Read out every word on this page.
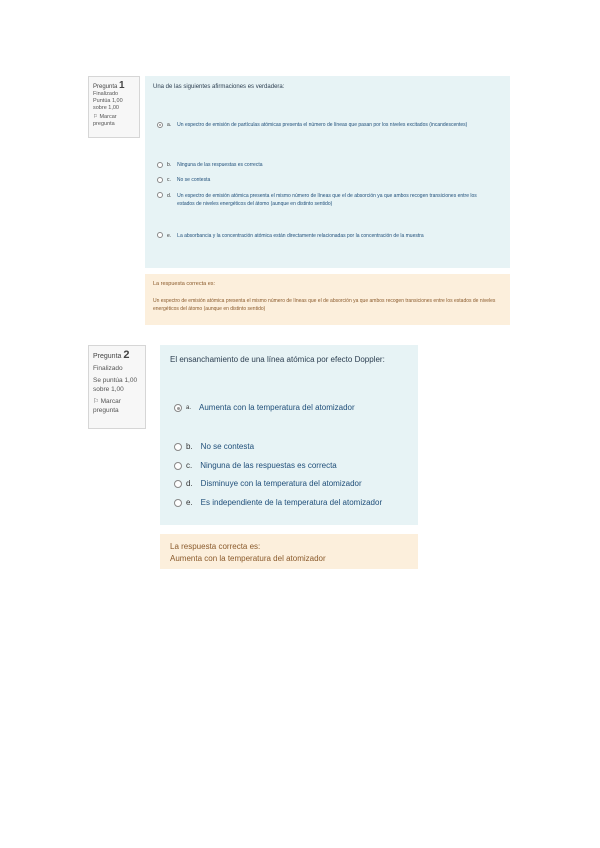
Pregunta 1
Finalizado
Puntúa 1,00 sobre 1,00
⚐ Marcar pregunta
Una de las siguientes afirmaciones es verdadera:
a. Un espectro de emisión de partículas atómicas presenta el número de líneas que pasan por los niveles excitados (incandescentes)
b. Ninguna de las respuestas es correcta
c. No se contesta
d. Un espectro de emisión atómica presenta el mismo número de líneas que el de absorción ya que ambos recogen transiciones entre los estados de niveles energéticos del átomo (aunque en distinto sentido)
e. La absorbancia y la concentración atómica están directamente relacionadas por la concentración de la muestra
La respuesta correcta es:
Un espectro de emisión atómica presenta el mismo número de líneas que el de absorción ya que ambos recogen transiciones entre los estados de niveles energéticos del átomo (aunque en distinto sentido)
Pregunta 2
Finalizado
Se puntúa 1,00 sobre 1,00
⚐ Marcar pregunta
El ensanchamiento de una línea atómica por efecto Doppler:
a. Aumenta con la temperatura del atomizador
b. No se contesta
c. Ninguna de las respuestas es correcta
d. Disminuye con la temperatura del atomizador
e. Es independiente de la temperatura del atomizador
La respuesta correcta es:
Aumenta con la temperatura del atomizador
